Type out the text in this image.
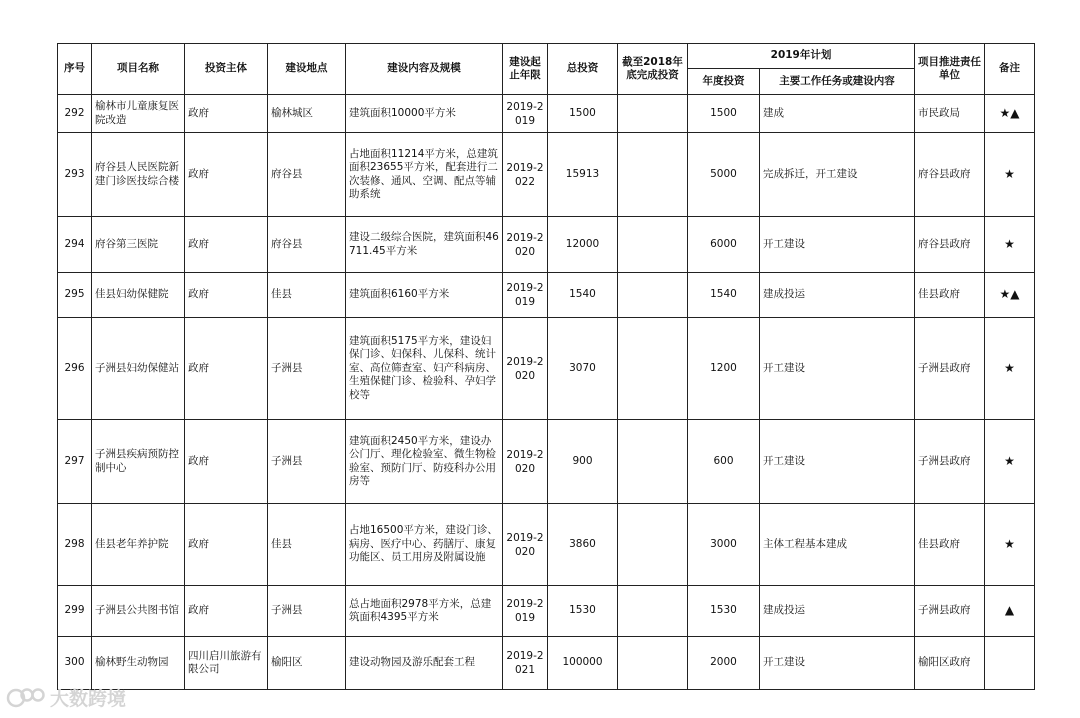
序号	项目名称	投资主体	建设地点	建设内容及规模	建设起止年限	总投资	截至2018年底完成投资	2019年计划		项目推进责任单位	备注
								年度投资	主要工作任务或建设内容		
292	榆林市儿童康复医院改造	政府	榆林城区	建筑面积10000平方米	2019-2019	1500		1500	建成	市民政局	★▲
293	府谷县人民医院新建门诊医技综合楼	政府	府谷县	占地面积11214平方米，总建筑面积23655平方米，配套进行二次装修、通风、空调、配点等辅助系统	2019-2022	15913		5000	完成拆迁，开工建设	府谷县政府	★
294	府谷第三医院	政府	府谷县	建设二级综合医院，建筑面积46711.45平方米	2019-2020	12000		6000	开工建设	府谷县政府	★
295	佳县妇幼保健院	政府	佳县	建筑面积6160平方米	2019-2019	1540		1540	建成投运	佳县政府	★▲
296	子洲县妇幼保健站	政府	子洲县	建筑面积5175平方米，建设妇保门诊、妇保科、儿保科、统计室、高位筛查室、妇产科病房、生殖保健门诊、检验科、孕妇学校等	2019-2020	3070		1200	开工建设	子洲县政府	★
297	子洲县疾病预防控制中心	政府	子洲县	建筑面积2450平方米，建设办公门厅、理化检验室、微生物检验室、预防门厅、防疫科办公用房等	2019-2020	900		600	开工建设	子洲县政府	★
298	佳县老年养护院	政府	佳县	占地16500平方米，建设门诊、病房、医疗中心、药膳厅、康复功能区、员工用房及附属设施	2019-2020	3860		3000	主体工程基本建成	佳县政府	★
299	子洲县公共图书馆	政府	子洲县	总占地面积2978平方米，总建筑面积4395平方米	2019-2019	1530		1530	建成投运	子洲县政府	▲
300	榆林野生动物园	四川启川旅游有限公司	榆阳区	建设动物园及游乐配套工程	2019-2021	100000		2000	开工建设	榆阳区政府	
大数跨境
